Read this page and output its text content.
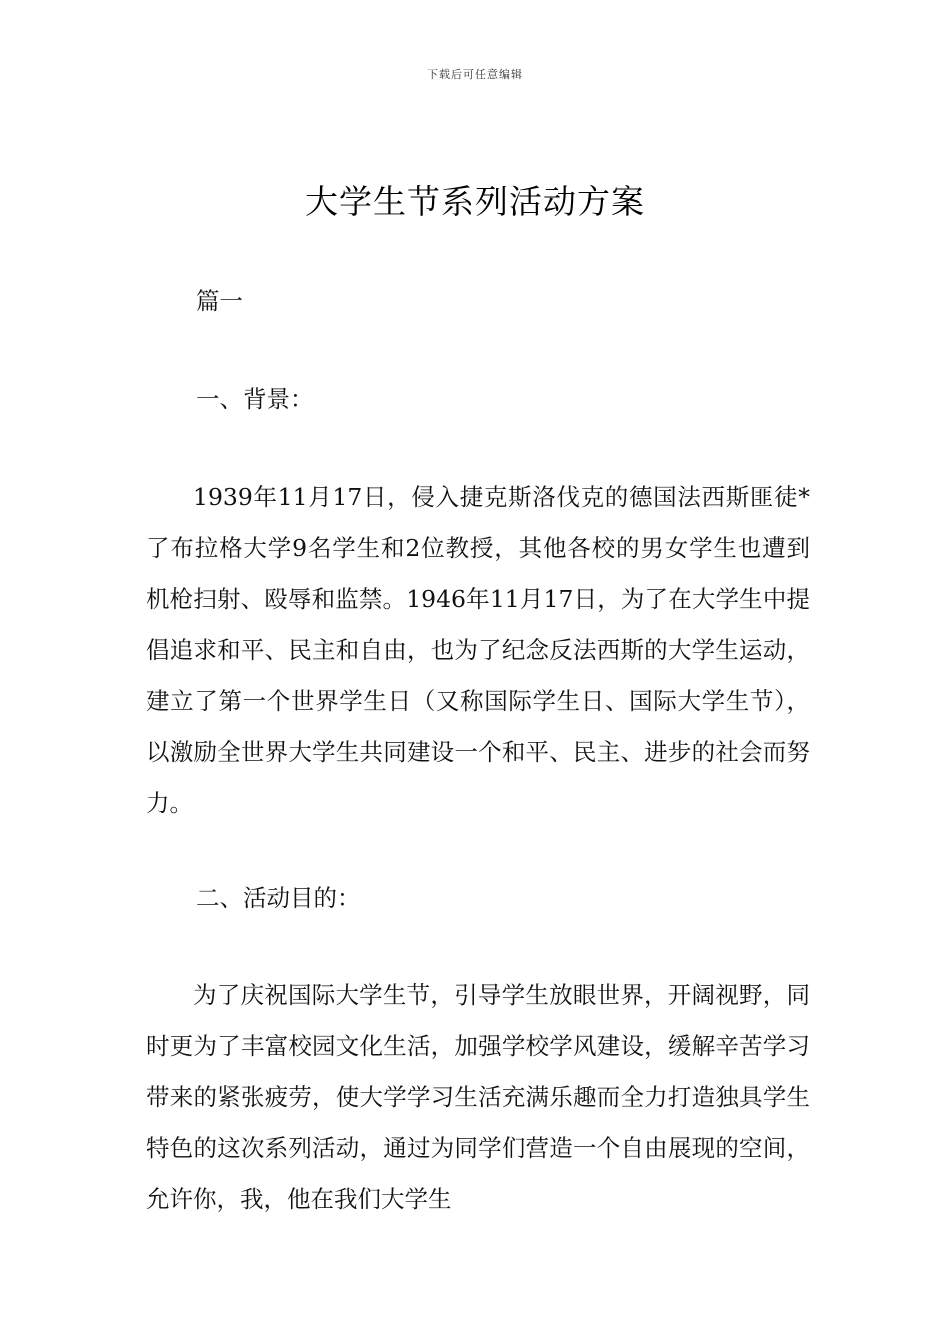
下载后可任意编辑
大学生节系列活动方案

篇一

一、背景：

1939年11月17日，侵入捷克斯洛伐克的德国法西斯匪徒*了布拉格大学9名学生和2位教授，其他各校的男女学生也遭到机枪扫射、殴辱和监禁。1946年11月17日，为了在大学生中提倡追求和平、民主和自由，也为了纪念反法西斯的大学生运动，建立了第一个世界学生日（又称国际学生日、国际大学生节），以激励全世界大学生共同建设一个和平、民主、进步的社会而努力。

二、活动目的：

为了庆祝国际大学生节，引导学生放眼世界，开阔视野，同时更为了丰富校园文化生活，加强学校学风建设，缓解辛苦学习带来的紧张疲劳，使大学学习生活充满乐趣而全力打造独具学生特色的这次系列活动，通过为同学们营造一个自由展现的空间，允许你，我，他在我们大学生
